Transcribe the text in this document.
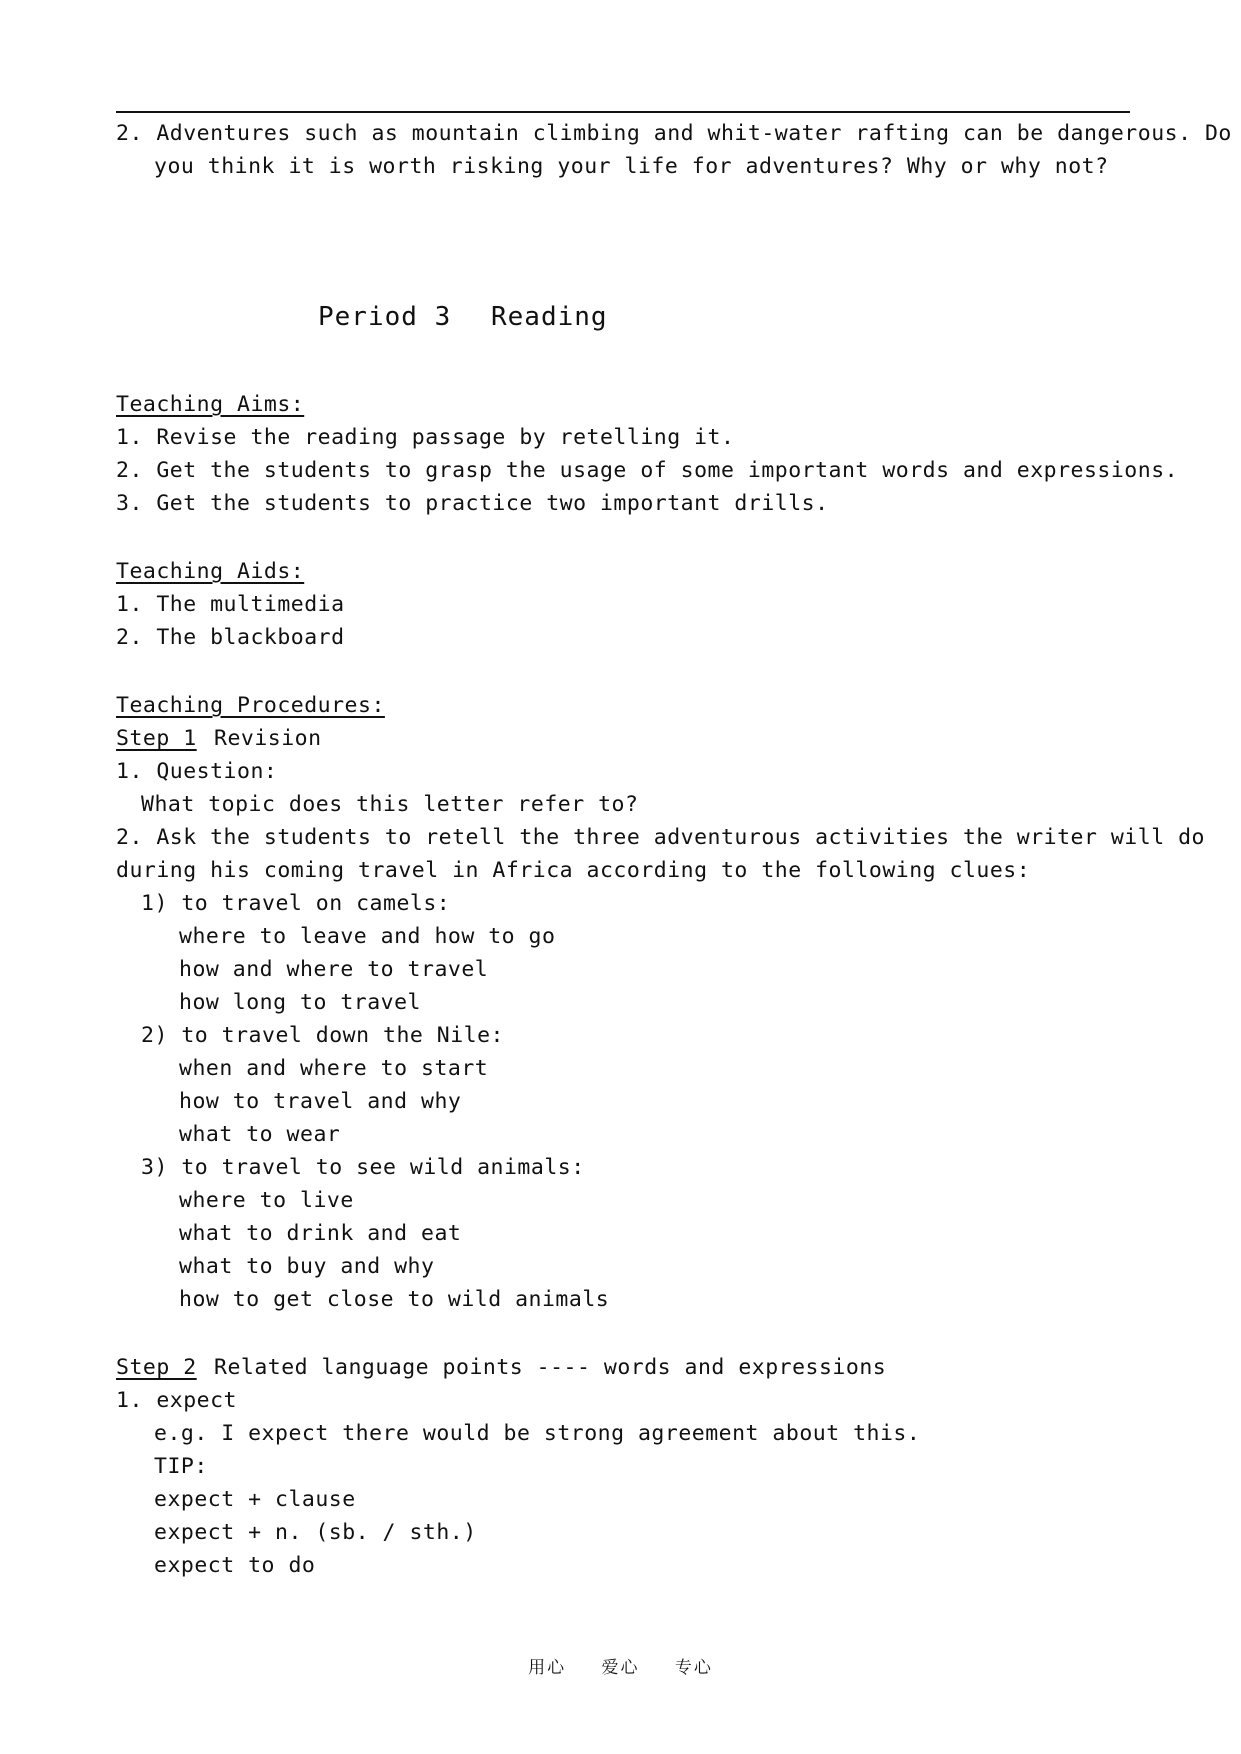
2. Adventures such as mountain climbing and whit-water rafting can be dangerous. Do
you think it is worth risking your life for adventures? Why or why not?
Period 3 Reading
Teaching Aims:
1. Revise the reading passage by retelling it.
2. Get the students to grasp the usage of some important words and expressions.
3. Get the students to practice two important drills.
Teaching Aids:
1. The multimedia
2. The blackboard
Teaching Procedures:
Step 1 Revision
1. Question:
What topic does this letter refer to?
2. Ask the students to retell the three adventurous activities the writer will do
during his coming travel in Africa according to the following clues:
1) to travel on camels:
where to leave and how to go
how and where to travel
how long to travel
2) to travel down the Nile:
when and where to start
how to travel and why
what to wear
3) to travel to see wild animals:
where to live
what to drink and eat
what to buy and why
how to get close to wild animals
Step 2 Related language points ---- words and expressions
1. expect
e.g. I expect there would be strong agreement about this.
TIP:
expect + clause
expect + n. (sb. / sth.)
expect to do
用心 爱心 专心
